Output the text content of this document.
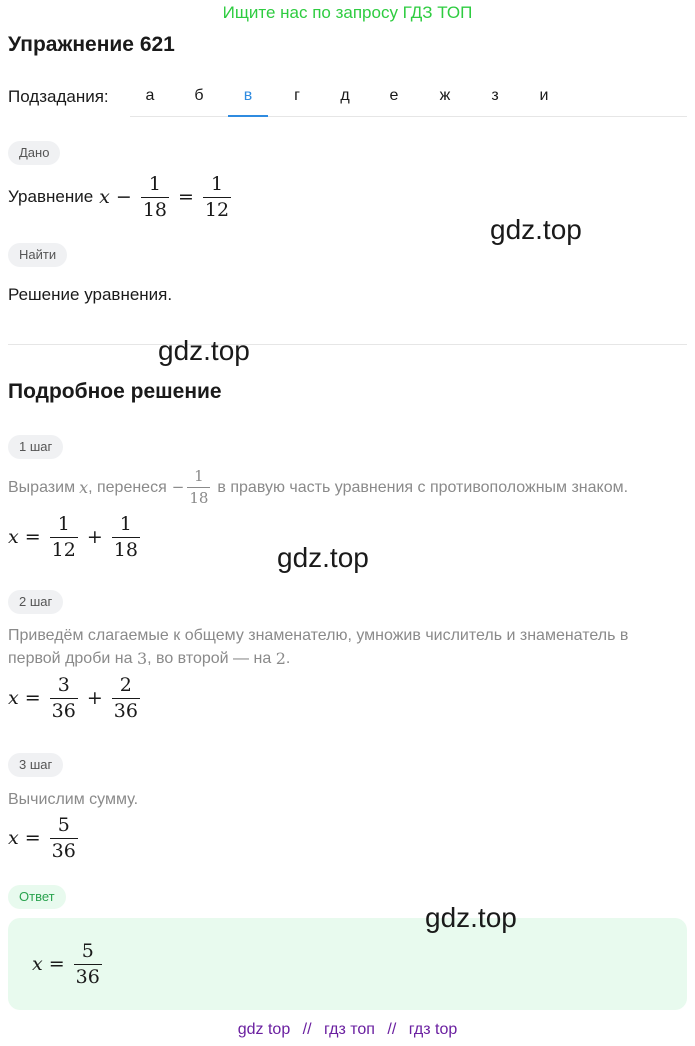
Ищите нас по запросу ГДЗ ТОП
Упражнение 621
Подзадания:	а	б	в	г	д	е	ж	з	и
Дано
Уравнение $x - \frac{1}{18} = \frac{1}{12}$
Найти
Решение уравнения.
Подробное решение
1 шаг
Выразим x , перенеся − $\frac{1}{18}$ в правую часть уравнения с противоположным знаком.
$x = \frac{1}{12} + \frac{1}{18}$
2 шаг
Приведём слагаемые к общему знаменателю, умножив числитель и знаменатель в
первой дроби на 3 , во второй — на 2 .
$x = \frac{3}{36} + \frac{2}{36}$
3 шаг
Вычислим сумму.
$x = \frac{5}{36}$
Ответ
$x = \frac{5}{36}$
gdz.top
gdz.top
gdz.top
gdz.top
gdz top // гдз топ // гдз top
